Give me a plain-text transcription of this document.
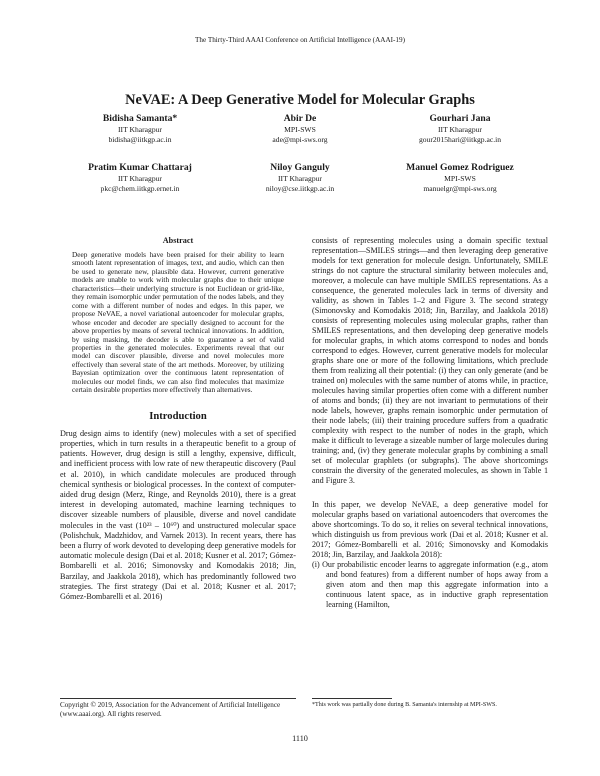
The Thirty-Third AAAI Conference on Artificial Intelligence (AAAI-19)
NeVAE: A Deep Generative Model for Molecular Graphs
Bidisha Samanta*
IIT Kharagpur
bidisha@iitkgp.ac.in
Abir De
MPI-SWS
ade@mpi-sws.org
Gourhari Jana
IIT Kharagpur
gour2015hari@iitkgp.ac.in
Pratim Kumar Chattaraj
IIT Kharagpur
pkc@chem.iitkgp.ernet.in
Niloy Ganguly
IIT Kharagpur
niloy@cse.iitkgp.ac.in
Manuel Gomez Rodriguez
MPI-SWS
manuelgr@mpi-sws.org
Abstract

Deep generative models have been praised for their ability to learn smooth latent representation of images, text, and audio, which can then be used to generate new, plausible data. However, current generative models are unable to work with molecular graphs due to their unique characteristics—their underlying structure is not Euclidean or grid-like, they remain isomorphic under permutation of the nodes labels, and they come with a different number of nodes and edges. In this paper, we propose NeVAE, a novel variational autoencoder for molecular graphs, whose encoder and decoder are specially designed to account for the above properties by means of several technical innovations. In addition, by using masking, the decoder is able to guarantee a set of valid properties in the generated molecules. Experiments reveal that our model can discover plausible, diverse and novel molecules more effectively than several state of the art methods. Moreover, by utilizing Bayesian optimization over the continuous latent representation of molecules our model finds, we can also find molecules that maximize certain desirable properties more effectively than alternatives.

Introduction

Drug design aims to identify (new) molecules with a set of specified properties, which in turn results in a therapeutic benefit to a group of patients. However, drug design is still a lengthy, expensive, difficult, and inefficient process with low rate of new therapeutic discovery (Paul et al. 2010), in which candidate molecules are produced through chemical synthesis or biological processes. In the context of computer-aided drug design (Merz, Ringe, and Reynolds 2010), there is a great interest in developing automated, machine learning techniques to discover sizeable numbers of plausible, diverse and novel candidate molecules in the vast (10²³ – 10⁶⁰) and unstructured molecular space (Polishchuk, Madzhidov, and Varnek 2013). In recent years, there has been a flurry of work devoted to developing deep generative models for automatic molecule design (Dai et al. 2018; Kusner et al. 2017; Gómez-Bombarelli et al. 2016; Simonovsky and Komodakis 2018; Jin, Barzilay, and Jaakkola 2018), which has predominantly followed two strategies. The first strategy (Dai et al. 2018; Kusner et al. 2017; Gómez-Bombarelli et al. 2016)

consists of representing molecules using a domain specific textual representation—SMILES strings—and then leveraging deep generative models for text generation for molecule design. Unfortunately, SMILE strings do not capture the structural similarity between molecules and, moreover, a molecule can have multiple SMILES representations. As a consequence, the generated molecules lack in terms of diversity and validity, as shown in Tables 1–2 and Figure 3. The second strategy (Simonovsky and Komodakis 2018; Jin, Barzilay, and Jaakkola 2018) consists of representing molecules using molecular graphs, rather than SMILES representations, and then developing deep generative models for molecular graphs, in which atoms correspond to nodes and bonds correspond to edges. However, current generative models for molecular graphs share one or more of the following limitations, which preclude them from realizing all their potential: (i) they can only generate (and be trained on) molecules with the same number of atoms while, in practice, molecules having similar properties often come with a different number of atoms and bonds; (ii) they are not invariant to permutations of their node labels, however, graphs remain isomorphic under permutation of their node labels; (iii) their training procedure suffers from a quadratic complexity with respect to the number of nodes in the graph, which make it difficult to leverage a sizeable number of large molecules during training; and, (iv) they generate molecular graphs by combining a small set of molecular graphlets (or subgraphs). The above shortcomings constrain the diversity of the generated molecules, as shown in Table 1 and Figure 3.

In this paper, we develop NeVAE, a deep generative model for molecular graphs based on variational autoencoders that overcomes the above shortcomings. To do so, it relies on several technical innovations, which distinguish us from previous work (Dai et al. 2018; Kusner et al. 2017; Gómez-Bombarelli et al. 2016; Simonovsky and Komodakis 2018; Jin, Barzilay, and Jaakkola 2018):

(i) Our probabilistic encoder learns to aggregate information (e.g., atom and bond features) from a different number of hops away from a given atom and then map this aggregate information into a continuous latent space, as in inductive graph representation learning (Hamilton,

Copyright © 2019, Association for the Advancement of Artificial Intelligence (www.aaai.org). All rights reserved.
*This work was partially done during B. Samanta's internship at MPI-SWS.
1110
